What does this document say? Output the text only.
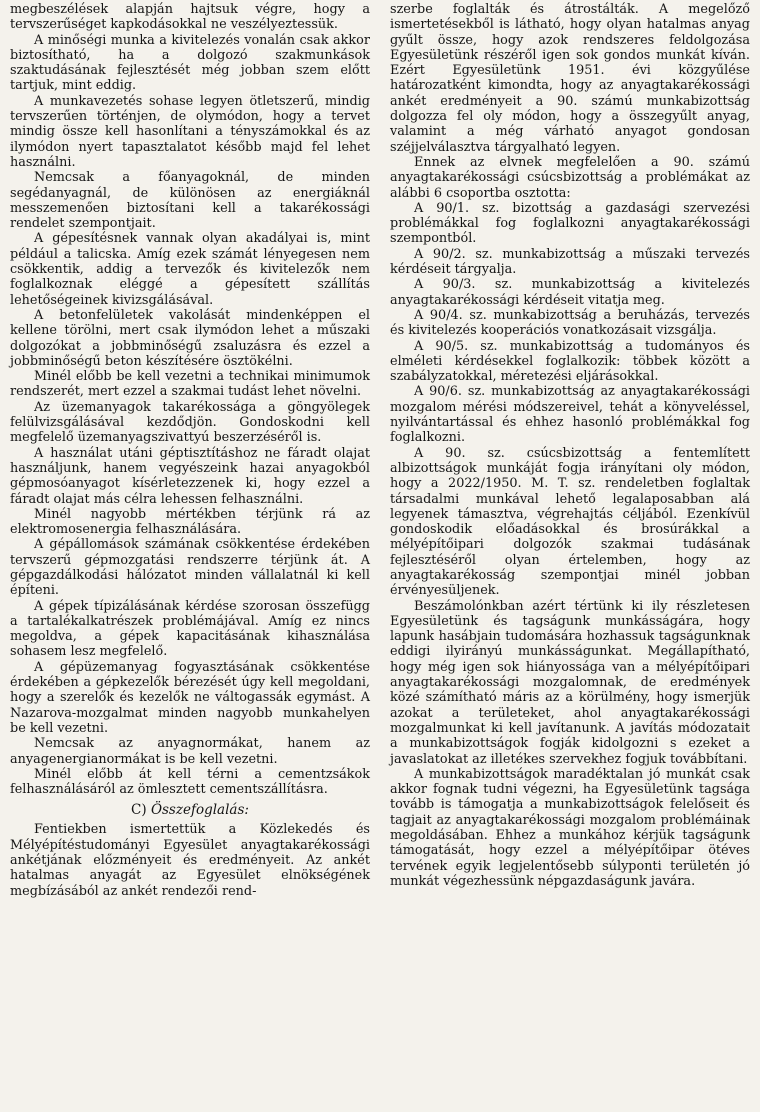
megbeszélések alapján hajtsuk végre, hogy a tervszerűséget kapkodásokkal ne veszélyeztessük.

A minőségi munka a kivitelezés vonalán csak akkor biztosítható, ha a dolgozó szakmunkások szaktudásának fejlesztését még jobban szem előtt tartjuk, mint eddig.

A munkavezetés sohase legyen ötletszerű, mindig tervszerűen történjen, de olymódon, hogy a tervet mindig össze kell hasonlítani a tényszámokkal és az ilymódon nyert tapasztalatot később majd fel lehet használni.

Nemcsak a főanyagoknál, de minden segédanyagnál, de különösen az energiáknál messzemenően biztosítani kell a takarékossági rendelet szempontjait.

A gépesítésnek vannak olyan akadályai is, mint például a talicska. Amíg ezek számát lényegesen nem csökkentik, addig a tervezők és kivitelezők nem foglalkoznak eléggé a gépesített szállítás lehetőségeinek kivizsgálásával.

A betonfelületek vakolását mindenképpen el kellene törölni, mert csak ilymódon lehet a műszaki dolgozókat a jobbminőségű zsaluzásra és ezzel a jobbminőségű beton készítésére ösztökélni.

Minél előbb be kell vezetni a technikai minimumok rendszerét, mert ezzel a szakmai tudást lehet növelni.

Az üzemanyagok takarékossága a göngyölegek felülvizsgálásával kezdődjön. Gondoskodni kell megfelelő üzemanyagszivattyú beszerzéséről is.

A használat utáni géptisztításhoz ne fáradt olajat használjunk, hanem vegyészeink hazai anyagokból gépmosóanyagot kísérletezzenek ki, hogy ezzel a fáradt olajat más célra lehessen felhasználni.

Minél nagyobb mértékben térjünk rá az elektromosenergia felhasználására.

A gépállomások számának csökkentése érdekében tervszerű gépmozgatási rendszerre térjünk át. A gépgazdálkodási hálózatot minden vállalatnál ki kell építeni.

A gépek típizálásának kérdése szorosan összefügg a tartalékalkatrészek problémájával. Amíg ez nincs megoldva, a gépek kapacitásának kihasználása sohasem lesz megfelelő.

A gépüzemanyag fogyasztásának csökkentése érdekében a gépkezelők bérezését úgy kell megoldani, hogy a szerelők és kezelők ne váltogassák egymást. A Nazarova-mozgalmat minden nagyobb munkahelyen be kell vezetni.

Nemcsak az anyagnormákat, hanem az anyagenergianormákat is be kell vezetni.

Minél előbb át kell térni a cementzsákok felhasználásáról az ömlesztett cementszállításra.

C) Összefoglalás:

Fentiekben ismertettük a Közlekedés és Mélyépítéstudományi Egyesület anyagtakarékossági ankétjának előzményeit és eredményeit. Az ankét hatalmas anyagát az Egyesület elnökségének megbízásából az ankét rendezői rend-

szerbe foglalták és átrostálták. A megelőző ismertetésekből is látható, hogy olyan hatalmas anyag gyűlt össze, hogy azok rendszeres feldolgozása Egyesületünk részéről igen sok gondos munkát kíván. Ezért Egyesületünk 1951. évi közgyűlése határozatként kimondta, hogy az anyagtakarékossági ankét eredményeit a 90. számú munkabizottság dolgozza fel oly módon, hogy a összegyűlt anyag, valamint a még várható anyagot gondosan széjjelválasztva tárgyalható legyen.

Ennek az elvnek megfelelően a 90. számú anyagtakarékossági csúcsbizottság a problémákat az alábbi 6 csoportba osztotta:

A 90/1. sz. bizottság a gazdasági szervezési problémákkal fog foglalkozni anyagtakarékossági szempontból.

A 90/2. sz. munkabizottság a műszaki tervezés kérdéseit tárgyalja.

A 90/3. sz. munkabizottság a kivitelezés anyagtakarékossági kérdéseit vitatja meg.

A 90/4. sz. munkabizottság a beruházás, tervezés és kivitelezés kooperációs vonatkozásait vizsgálja.

A 90/5. sz. munkabizottság a tudományos és elméleti kérdésekkel foglalkozik: többek között a szabályzatokkal, méretezési eljárásokkal.

A 90/6. sz. munkabizottság az anyagtakarékossági mozgalom mérési módszereivel, tehát a könyveléssel, nyilvántartással és ehhez hasonló problémákkal fog foglalkozni.

A 90. sz. csúcsbizottság a fentemlített albizottságok munkáját fogja irányítani oly módon, hogy a 2022/1950. M. T. sz. rendeletben foglaltak társadalmi munkával lehető legalaposabban alá legyenek támasztva, végrehajtás céljából. Ezenkívül gondoskodik előadásokkal és brosúrákkal a mélyépítőipari dolgozók szakmai tudásának fejlesztéséről olyan értelemben, hogy az anyagtakarékosság szempontjai minél jobban érvényesüljenek.

Beszámolónkban azért tértünk ki ily részletesen Egyesületünk és tagságunk munkásságára, hogy lapunk hasábjain tudomására hozhassuk tagságunknak eddigi ilyirányú munkásságunkat. Megállapítható, hogy még igen sok hiányossága van a mélyépítőipari anyagtakarékossági mozgalomnak, de eredmények közé számítható máris az a körülmény, hogy ismerjük azokat a területeket, ahol anyagtakarékossági mozgalmunkat ki kell javítanunk. A javítás módozatait a munkabizottságok fogják kidolgozni s ezeket a javaslatokat az illetékes szervekhez fogjuk továbbítani.

A munkabizottságok maradéktalan jó munkát csak akkor fognak tudni végezni, ha Egyesületünk tagsága tovább is támogatja a munkabizottságok felelőseit és tagjait az anyagtakarékossági mozgalom problémáinak megoldásában. Ehhez a munkához kérjük tagságunk támogatását, hogy ezzel a mélyépítőipar ötéves tervének egyik legjelentősebb súlyponti területén jó munkát végezhessünk népgazdaságunk javára.
